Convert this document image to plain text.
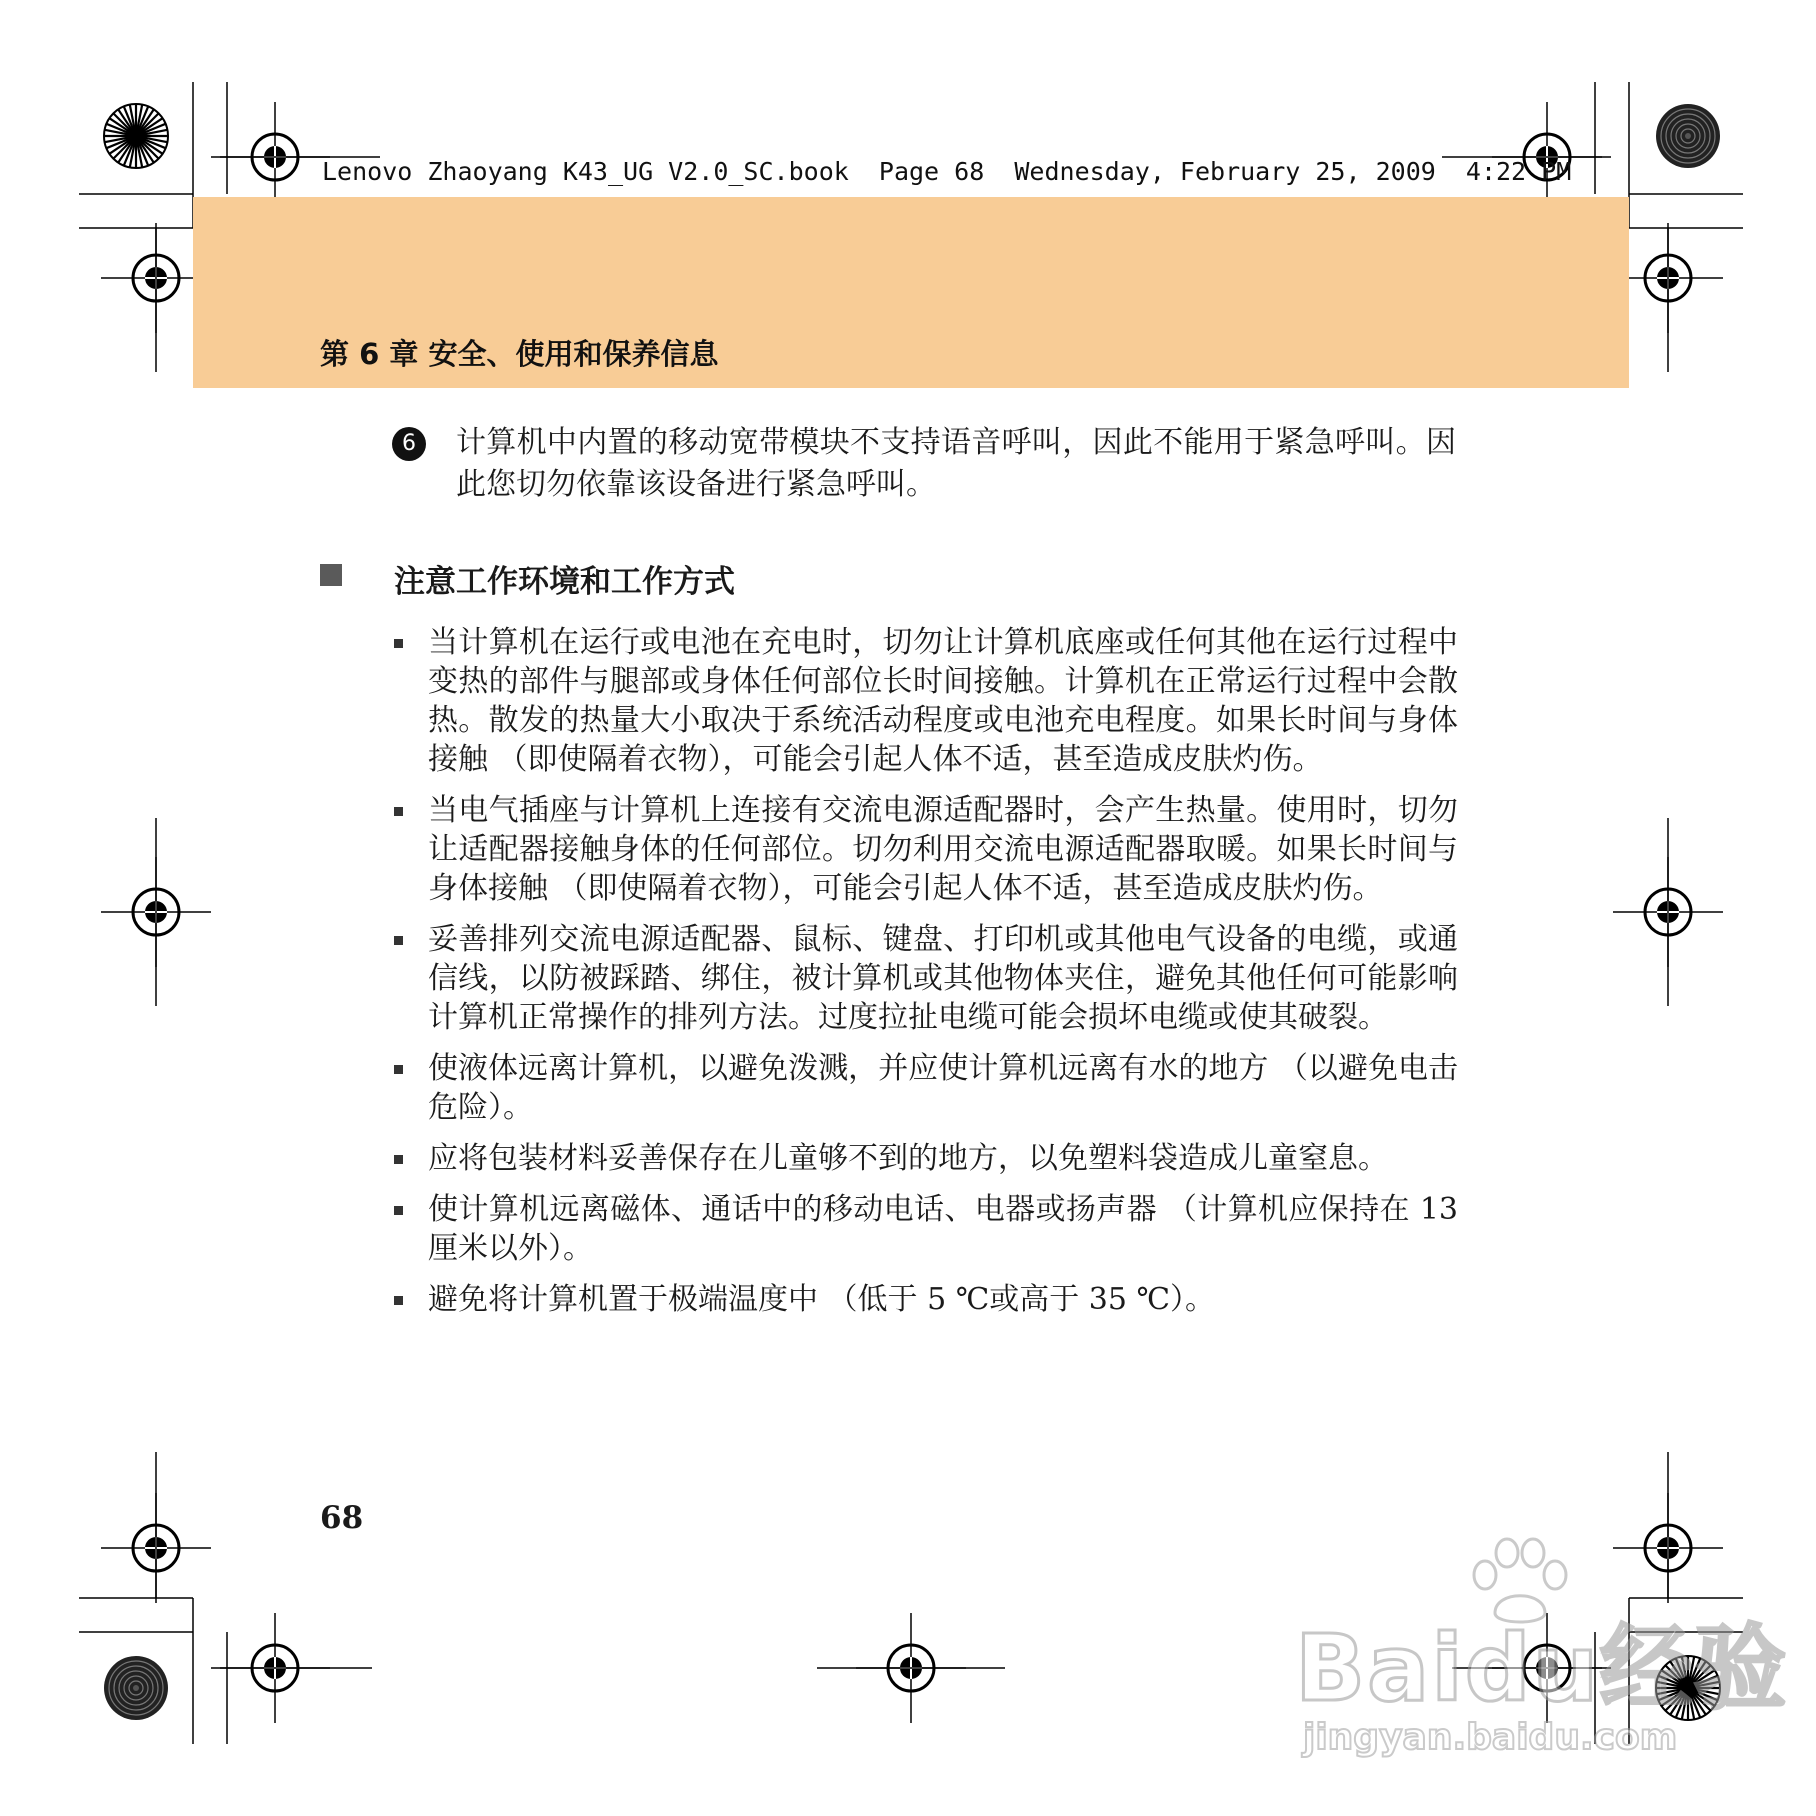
Lenovo Zhaoyang K43_UG V2.0_SC.book  Page 68  Wednesday, February 25, 2009  4:22 PM
第 6 章 安全、使用和保养信息
6	计算机中内置的移动宽带模块不支持语音呼叫，因此不能用于紧急呼叫。因此您切勿依靠该设备进行紧急呼叫。
注意工作环境和工作方式
当计算机在运行或电池在充电时，切勿让计算机底座或任何其他在运行过程中变热的部件与腿部或身体任何部位长时间接触。计算机在正常运行过程中会散热。散发的热量大小取决于系统活动程度或电池充电程度。如果长时间与身体接触 （即使隔着衣物），可能会引起人体不适，甚至造成皮肤灼伤。
当电气插座与计算机上连接有交流电源适配器时，会产生热量。使用时，切勿让适配器接触身体的任何部位。切勿利用交流电源适配器取暖。如果长时间与身体接触 （即使隔着衣物），可能会引起人体不适，甚至造成皮肤灼伤。
妥善排列交流电源适配器、鼠标、键盘、打印机或其他电气设备的电缆，或通信线，以防被踩踏、绑住，被计算机或其他物体夹住，避免其他任何可能影响计算机正常操作的排列方法。过度拉扯电缆可能会损坏电缆或使其破裂。
使液体远离计算机，以避免泼溅，并应使计算机远离有水的地方 （以避免电击危险）。
应将包装材料妥善保存在儿童够不到的地方，以免塑料袋造成儿童窒息。
使计算机远离磁体、通话中的移动电话、电器或扬声器 （计算机应保持在 13 厘米以外）。
避免将计算机置于极端温度中 （低于 5 ℃或高于 35 ℃）。
68
Baidu经验
jingyan.baidu.com
